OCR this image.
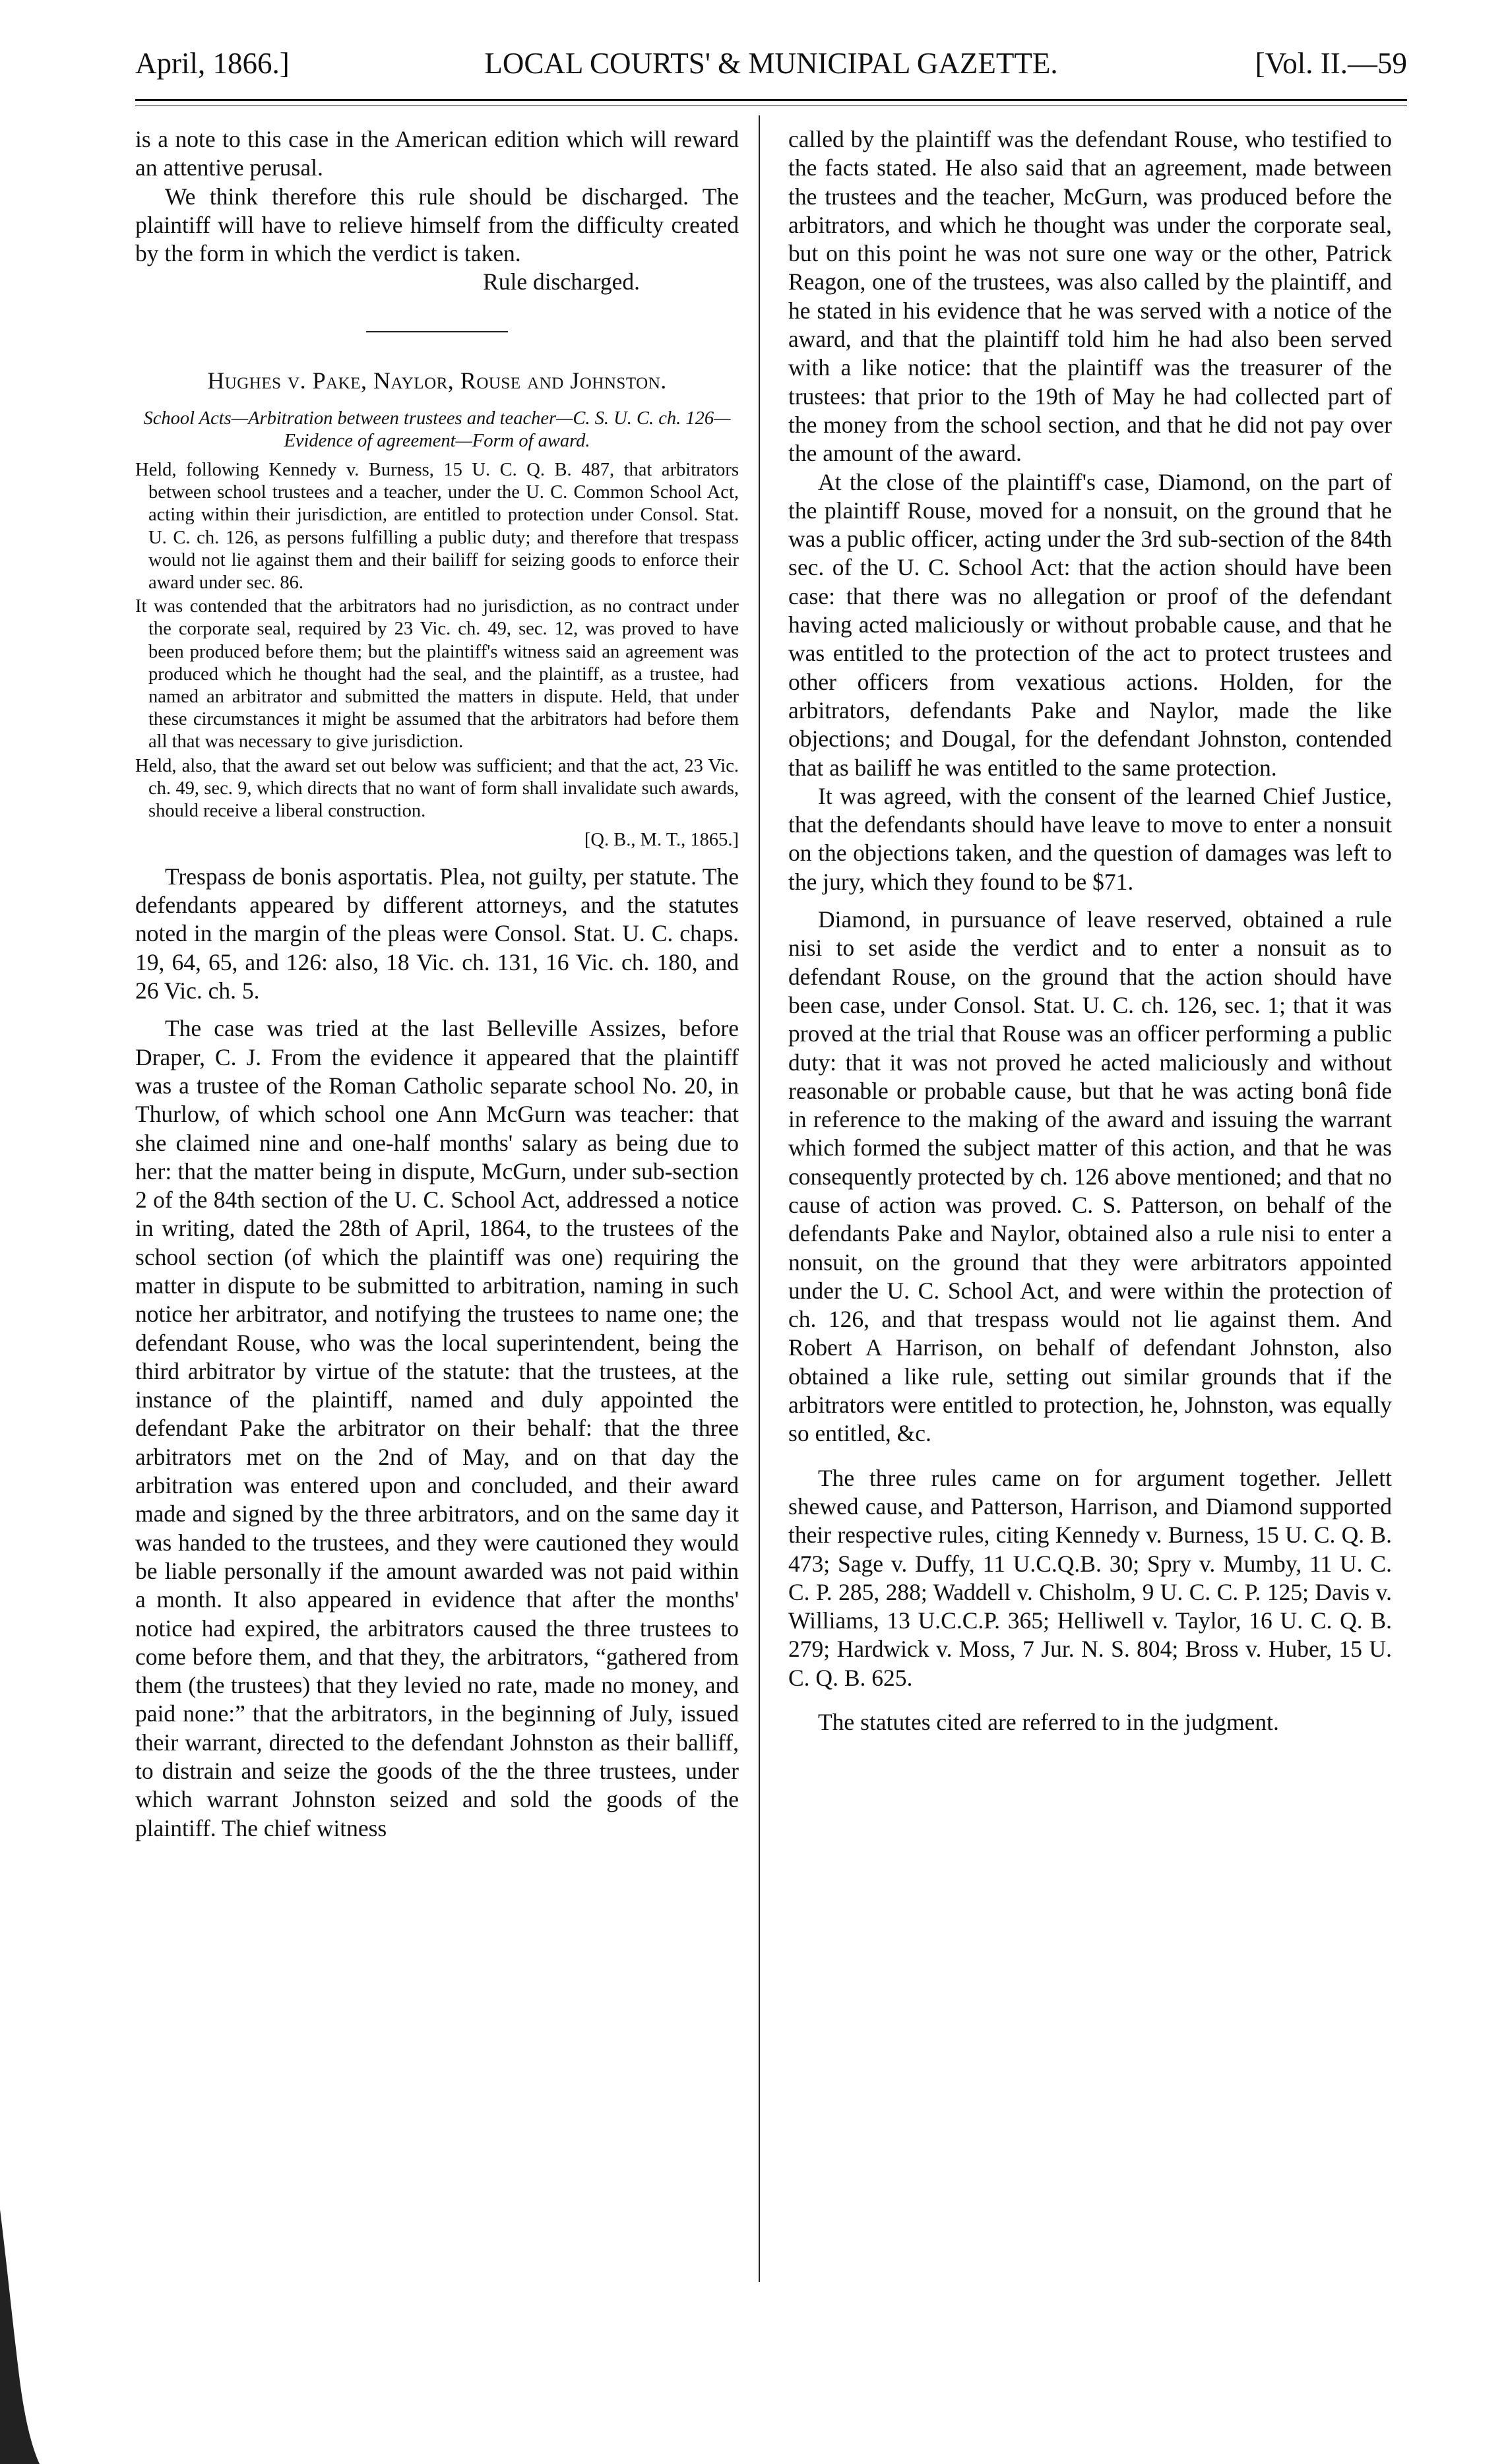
April, 1866.]	LOCAL COURTS' & MUNICIPAL GAZETTE.	[Vol. II.—59

is a note to this case in the American edition which will reward an attentive perusal.

We think therefore this rule should be discharged. The plaintiff will have to relieve himself from the difficulty created by the form in which the verdict is taken.

Rule discharged.

Hughes v. Pake, Naylor, Rouse and Johnston.

School Acts—Arbitration between trustees and teacher—C. S. U. C. ch. 126—Evidence of agreement—Form of award.

Held, following Kennedy v. Burness, 15 U. C. Q. B. 487, that arbitrators between school trustees and a teacher, under the U. C. Common School Act, acting within their jurisdiction, are entitled to protection under Consol. Stat. U. C. ch. 126, as persons fulfilling a public duty; and therefore that trespass would not lie against them and their bailiff for seizing goods to enforce their award under sec. 86.

It was contended that the arbitrators had no jurisdiction, as no contract under the corporate seal, required by 23 Vic. ch. 49, sec. 12, was proved to have been produced before them; but the plaintiff's witness said an agreement was produced which he thought had the seal, and the plaintiff, as a trustee, had named an arbitrator and submitted the matters in dispute. Held, that under these circumstances it might be assumed that the arbitrators had before them all that was necessary to give jurisdiction.

Held, also, that the award set out below was sufficient; and that the act, 23 Vic. ch. 49, sec. 9, which directs that no want of form shall invalidate such awards, should receive a liberal construction.

[Q. B., M. T., 1865.]

Trespass de bonis asportatis. Plea, not guilty, per statute. The defendants appeared by different attorneys, and the statutes noted in the margin of the pleas were Consol. Stat. U. C. chaps. 19, 64, 65, and 126: also, 18 Vic. ch. 131, 16 Vic. ch. 180, and 26 Vic. ch. 5.

The case was tried at the last Belleville Assizes, before Draper, C. J. From the evidence it appeared that the plaintiff was a trustee of the Roman Catholic separate school No. 20, in Thurlow, of which school one Ann McGurn was teacher: that she claimed nine and one-half months' salary as being due to her: that the matter being in dispute, McGurn, under sub-section 2 of the 84th section of the U. C. School Act, addressed a notice in writing, dated the 28th of April, 1864, to the trustees of the school section (of which the plaintiff was one) requiring the matter in dispute to be submitted to arbitration, naming in such notice her arbitrator, and notifying the trustees to name one; the defendant Rouse, who was the local superintendent, being the third arbitrator by virtue of the statute: that the trustees, at the instance of the plaintiff, named and duly appointed the defendant Pake the arbitrator on their behalf: that the three arbitrators met on the 2nd of May, and on that day the arbitration was entered upon and concluded, and their award made and signed by the three arbitrators, and on the same day it was handed to the trustees, and they were cautioned they would be liable personally if the amount awarded was not paid within a month. It also appeared in evidence that after the months' notice had expired, the arbitrators caused the three trustees to come before them, and that they, the arbitrators, “gathered from them (the trustees) that they levied no rate, made no money, and paid none:” that the arbitrators, in the beginning of July, issued their warrant, directed to the defendant Johnston as their balliff, to distrain and seize the goods of the the three trustees, under which warrant Johnston seized and sold the goods of the plaintiff. The chief witness

called by the plaintiff was the defendant Rouse, who testified to the facts stated. He also said that an agreement, made between the trustees and the teacher, McGurn, was produced before the arbitrators, and which he thought was under the corporate seal, but on this point he was not sure one way or the other, Patrick Reagon, one of the trustees, was also called by the plaintiff, and he stated in his evidence that he was served with a notice of the award, and that the plaintiff told him he had also been served with a like notice: that the plaintiff was the treasurer of the trustees: that prior to the 19th of May he had collected part of the money from the school section, and that he did not pay over the amount of the award.

At the close of the plaintiff's case, Diamond, on the part of the plaintiff Rouse, moved for a nonsuit, on the ground that he was a public officer, acting under the 3rd sub-section of the 84th sec. of the U. C. School Act: that the action should have been case: that there was no allegation or proof of the defendant having acted maliciously or without probable cause, and that he was entitled to the protection of the act to protect trustees and other officers from vexatious actions. Holden, for the arbitrators, defendants Pake and Naylor, made the like objections; and Dougal, for the defendant Johnston, contended that as bailiff he was entitled to the same protection.

It was agreed, with the consent of the learned Chief Justice, that the defendants should have leave to move to enter a nonsuit on the objections taken, and the question of damages was left to the jury, which they found to be $71.

Diamond, in pursuance of leave reserved, obtained a rule nisi to set aside the verdict and to enter a nonsuit as to defendant Rouse, on the ground that the action should have been case, under Consol. Stat. U. C. ch. 126, sec. 1; that it was proved at the trial that Rouse was an officer performing a public duty: that it was not proved he acted maliciously and without reasonable or probable cause, but that he was acting bonâ fide in reference to the making of the award and issuing the warrant which formed the subject matter of this action, and that he was consequently protected by ch. 126 above mentioned; and that no cause of action was proved. C. S. Patterson, on behalf of the defendants Pake and Naylor, obtained also a rule nisi to enter a nonsuit, on the ground that they were arbitrators appointed under the U. C. School Act, and were within the protection of ch. 126, and that trespass would not lie against them. And Robert A Harrison, on behalf of defendant Johnston, also obtained a like rule, setting out similar grounds that if the arbitrators were entitled to protection, he, Johnston, was equally so entitled, &c.

The three rules came on for argument together. Jellett shewed cause, and Patterson, Harrison, and Diamond supported their respective rules, citing Kennedy v. Burness, 15 U. C. Q. B. 473; Sage v. Duffy, 11 U.C.Q.B. 30; Spry v. Mumby, 11 U. C. C. P. 285, 288; Waddell v. Chisholm, 9 U. C. C. P. 125; Davis v. Williams, 13 U.C.C.P. 365; Helliwell v. Taylor, 16 U. C. Q. B. 279; Hardwick v. Moss, 7 Jur. N. S. 804; Bross v. Huber, 15 U. C. Q. B. 625.

The statutes cited are referred to in the judgment.
